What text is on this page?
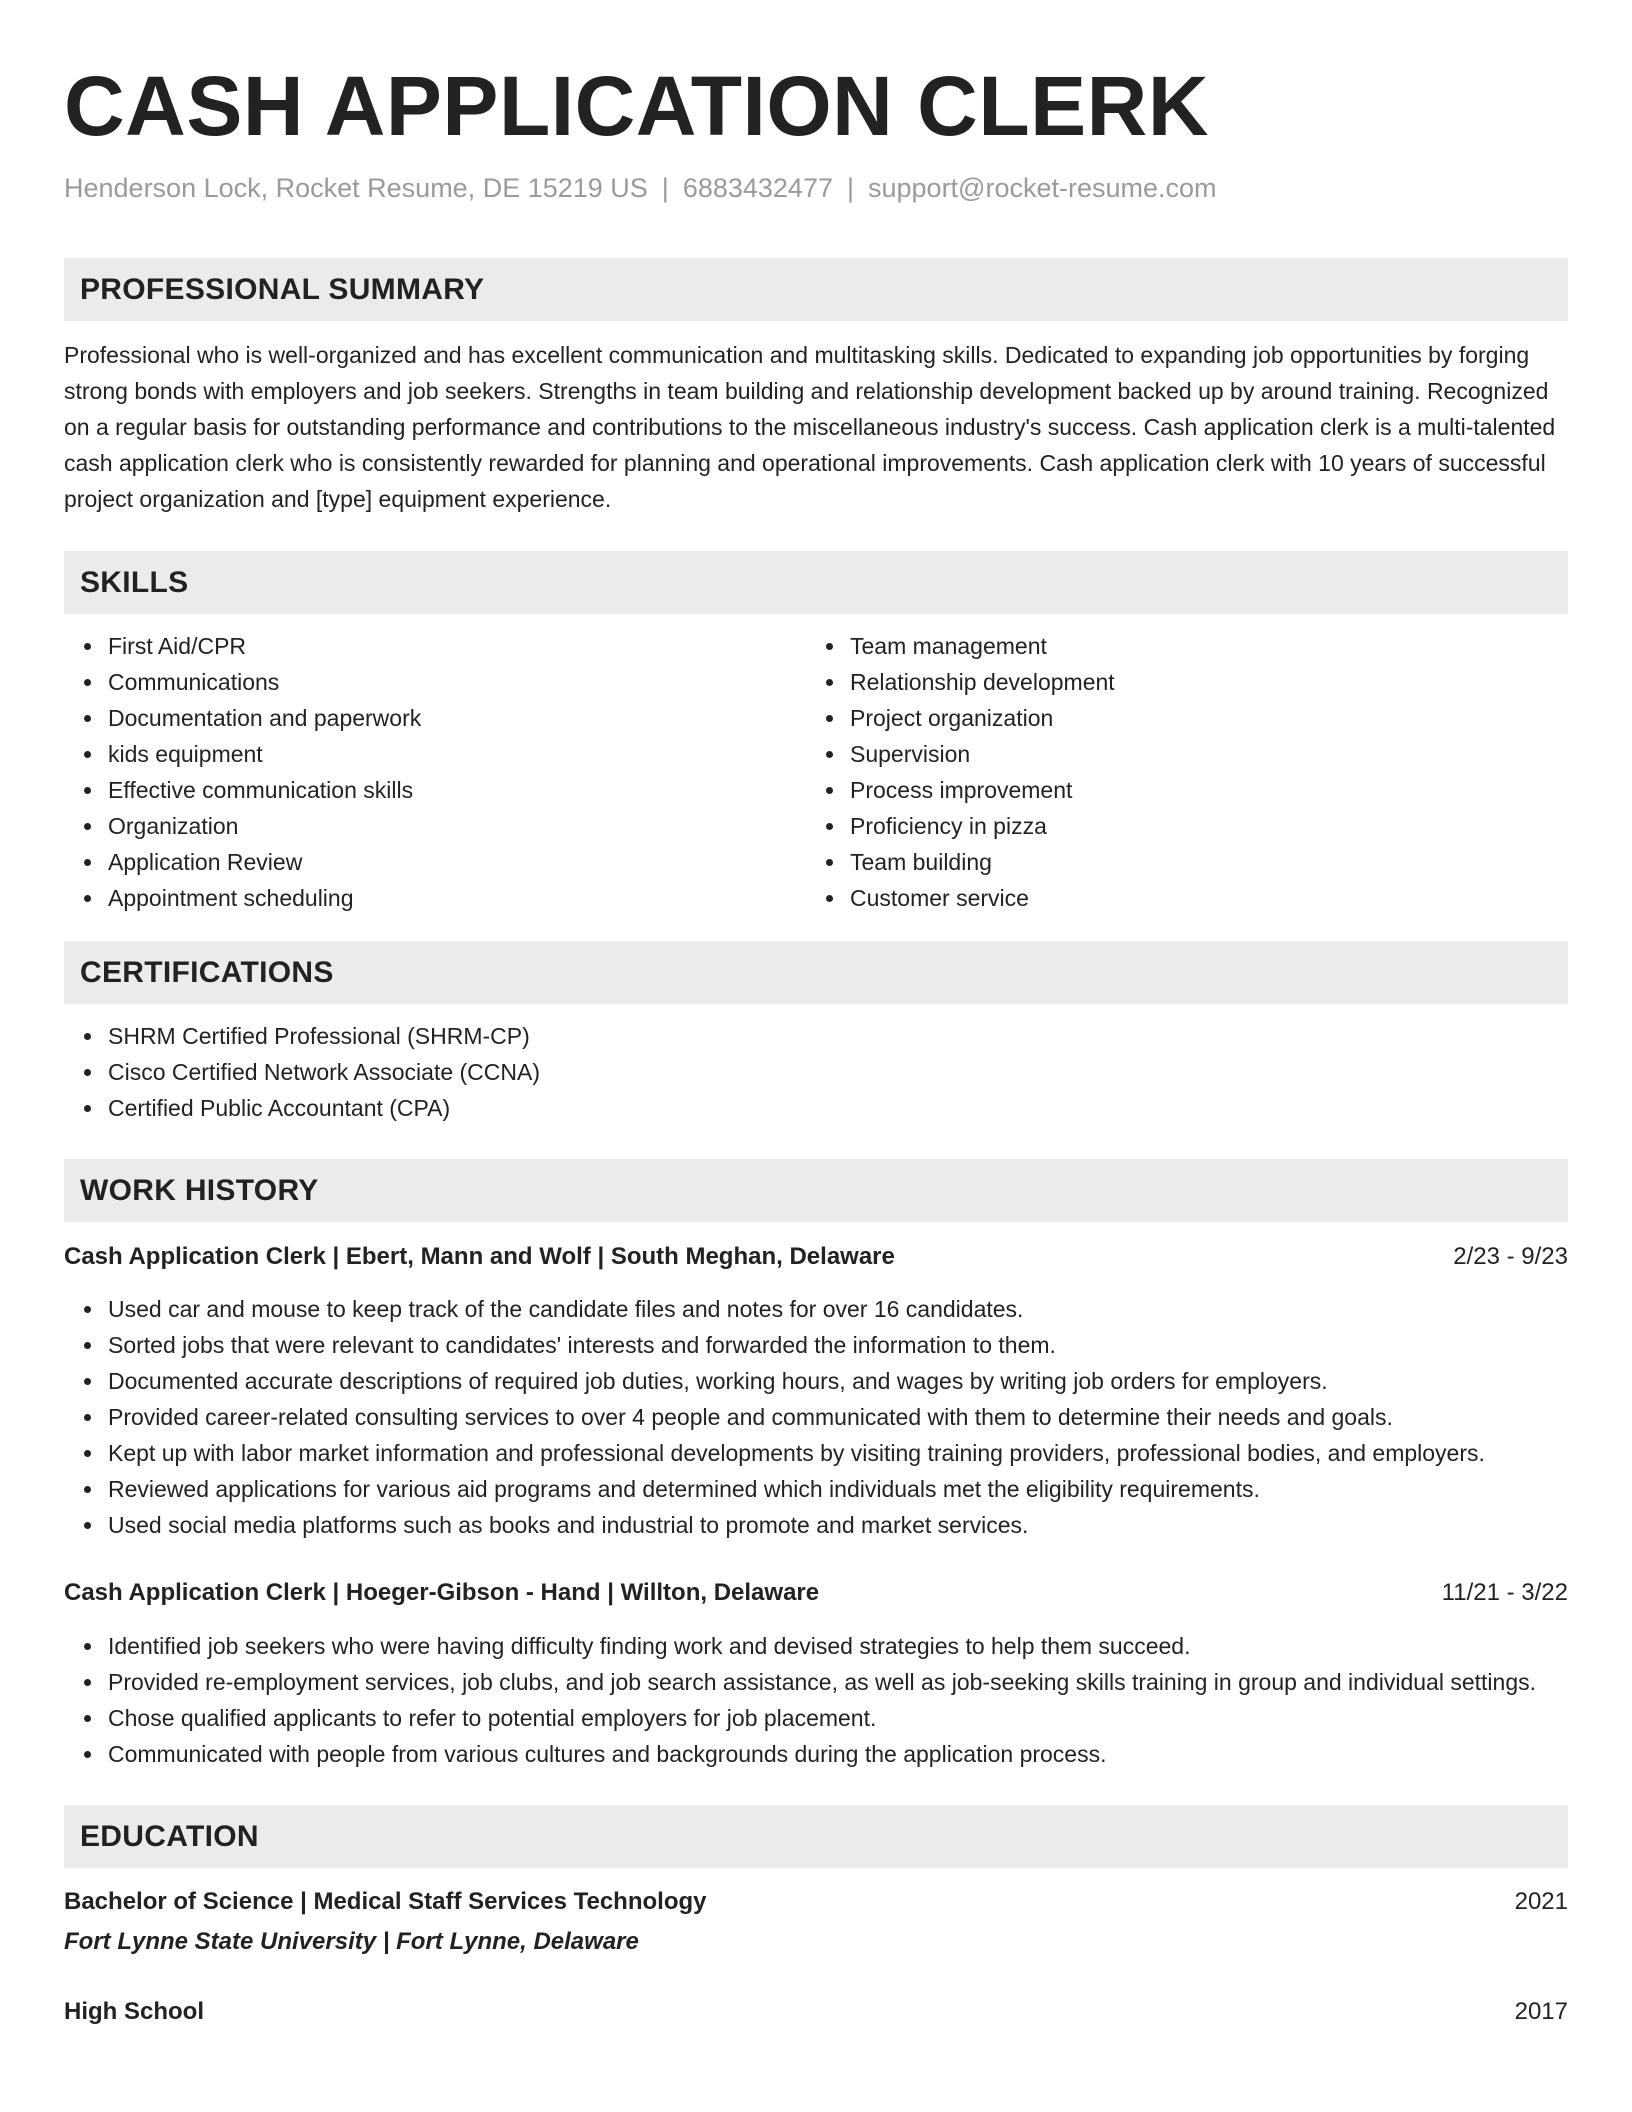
CASH APPLICATION CLERK
Henderson Lock, Rocket Resume, DE 15219 US | 6883432477 | support@rocket-resume.com
PROFESSIONAL SUMMARY

Professional who is well-organized and has excellent communication and multitasking skills. Dedicated to expanding job opportunities by forging strong bonds with employers and job seekers. Strengths in team building and relationship development backed up by around training. Recognized on a regular basis for outstanding performance and contributions to the miscellaneous industry's success. Cash application clerk is a multi-talented cash application clerk who is consistently rewarded for planning and operational improvements. Cash application clerk with 10 years of successful project organization and [type] equipment experience.

SKILLS
First Aid/CPR
Communications
Documentation and paperwork
kids equipment
Effective communication skills
Organization
Application Review
Appointment scheduling
Team management
Relationship development
Project organization
Supervision
Process improvement
Proficiency in pizza
Team building
Customer service
CERTIFICATIONS
SHRM Certified Professional (SHRM-CP)
Cisco Certified Network Associate (CCNA)
Certified Public Accountant (CPA)
WORK HISTORY
Cash Application Clerk | Ebert, Mann and Wolf | South Meghan, Delaware	2/23 - 9/23
Used car and mouse to keep track of the candidate files and notes for over 16 candidates.
Sorted jobs that were relevant to candidates' interests and forwarded the information to them.
Documented accurate descriptions of required job duties, working hours, and wages by writing job orders for employers.
Provided career-related consulting services to over 4 people and communicated with them to determine their needs and goals.
Kept up with labor market information and professional developments by visiting training providers, professional bodies, and employers.
Reviewed applications for various aid programs and determined which individuals met the eligibility requirements.
Used social media platforms such as books and industrial to promote and market services.
Cash Application Clerk | Hoeger-Gibson - Hand | Willton, Delaware	11/21 - 3/22
Identified job seekers who were having difficulty finding work and devised strategies to help them succeed.
Provided re-employment services, job clubs, and job search assistance, as well as job-seeking skills training in group and individual settings.
Chose qualified applicants to refer to potential employers for job placement.
Communicated with people from various cultures and backgrounds during the application process.
EDUCATION
Bachelor of Science | Medical Staff Services Technology	2021
Fort Lynne State University | Fort Lynne, Delaware
High School	2017
